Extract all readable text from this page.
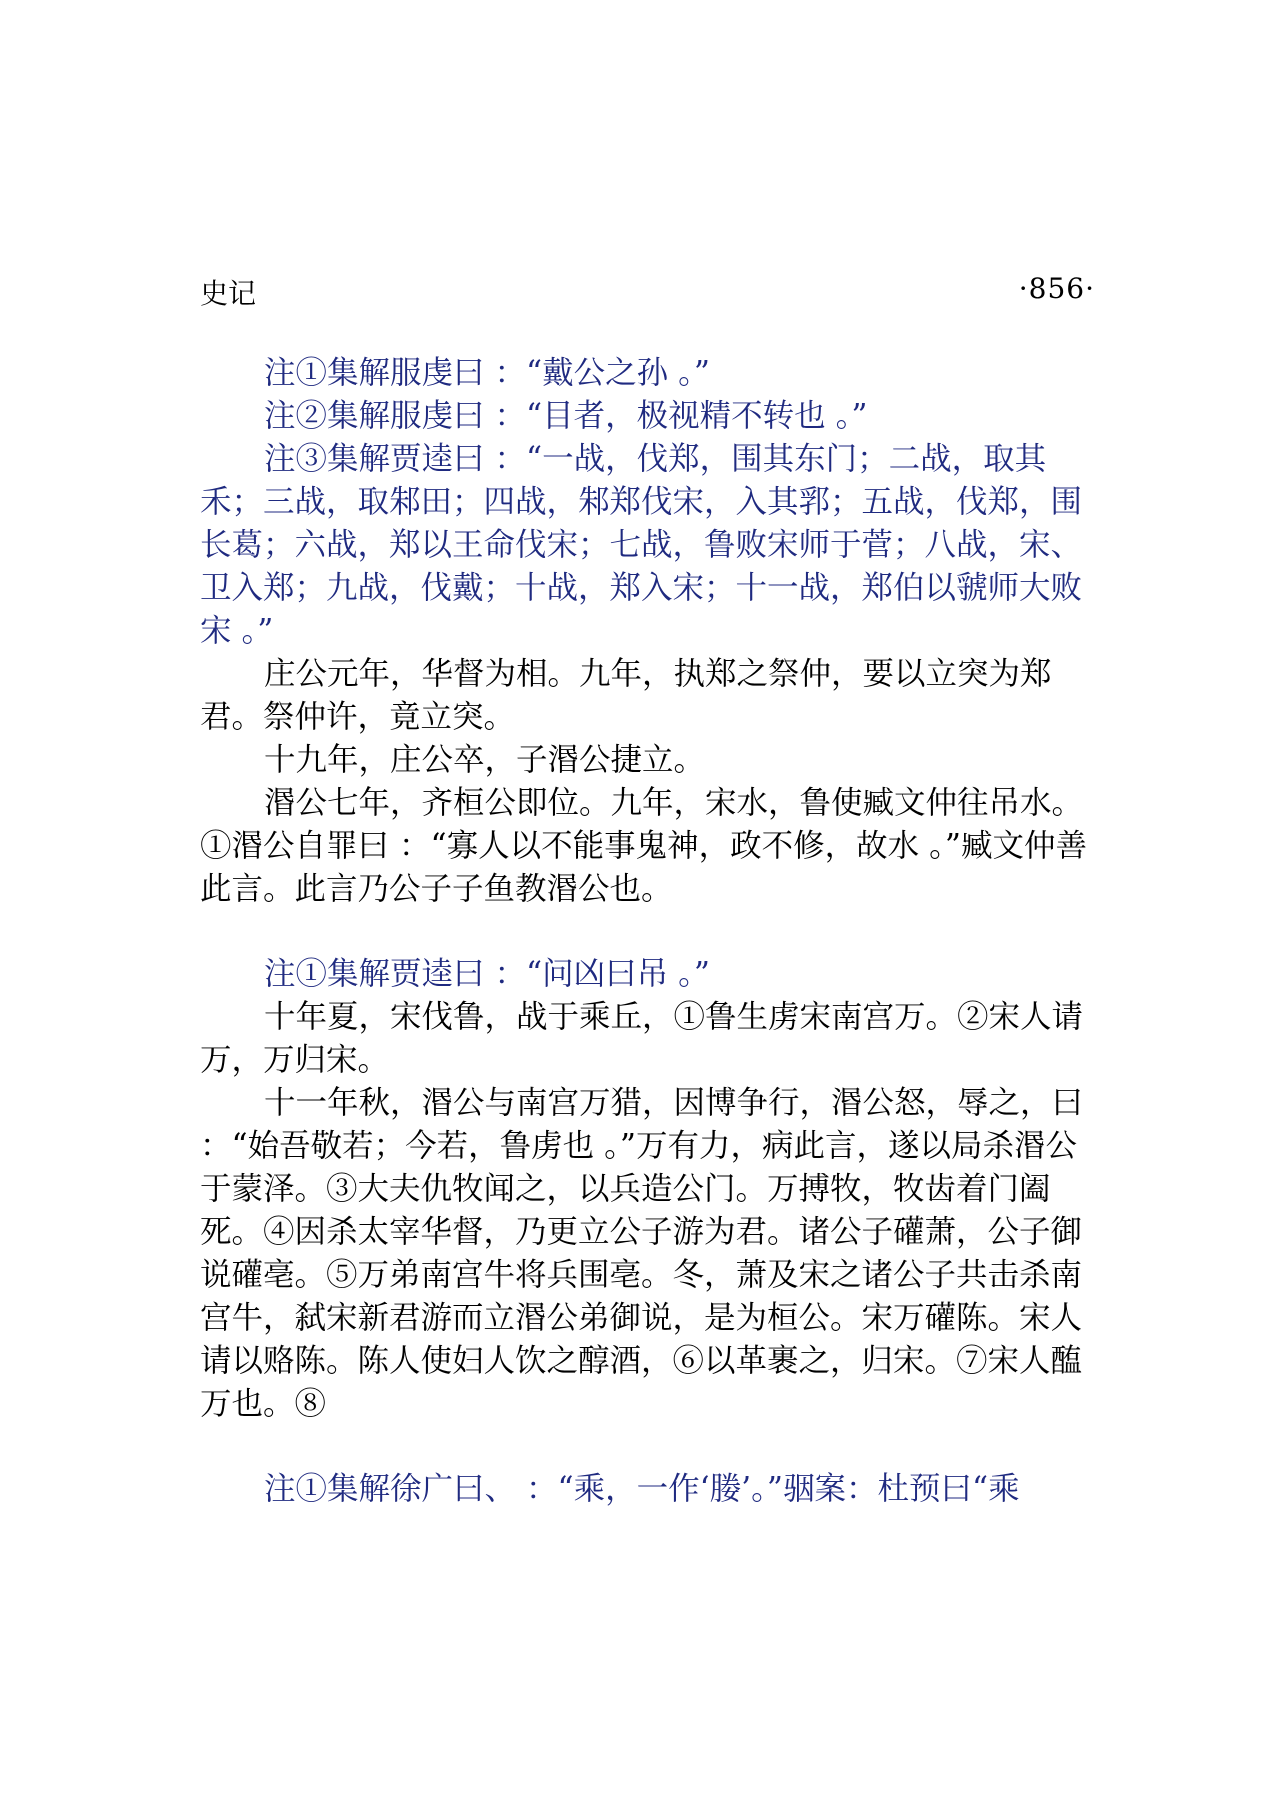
史记	·856·

注①集解服虔曰 ：“戴公之孙 。”

注②集解服虔曰 ：“目者，极视精不转也 。”

注③集解贾逵曰 ：“一战，伐郑，围其东门；二战，取其禾；三战，取邾田；四战，邾郑伐宋，入其郛；五战，伐郑，围长葛；六战，郑以王命伐宋；七战，鲁败宋师于菅；八战，宋、卫入郑；九战，伐戴；十战，郑入宋；十一战，郑伯以虢师大败宋 。”

庄公元年，华督为相。九年，执郑之祭仲，要以立突为郑君。祭仲许，竟立突。

十九年，庄公卒，子湣公捷立。

湣公七年，齐桓公即位。九年，宋水，鲁使臧文仲往吊水。①湣公自罪曰 ：“寡人以不能事鬼神，政不修，故水 。”臧文仲善此言。此言乃公子子鱼教湣公也。

注①集解贾逵曰 ：“问凶曰吊 。”

十年夏，宋伐鲁，战于乘丘，①鲁生虏宋南宫万。②宋人请万，万归宋。

十一年秋，湣公与南宫万猎，因博争行，湣公怒，辱之，曰 ：“始吾敬若；今若，鲁虏也 。”万有力，病此言，遂以局杀湣公于蒙泽。③大夫仇牧闻之，以兵造公门。万搏牧，牧齿着门阖死。④因杀太宰华督，乃更立公子游为君。诸公子礶萧，公子御说礶亳。⑤万弟南宫牛将兵围亳。冬，萧及宋之诸公子共击杀南宫牛，弑宋新君游而立湣公弟御说，是为桓公。宋万礶陈。宋人请以赂陈。陈人使妇人饮之醇酒，⑥以革裹之，归宋。⑦宋人醢万也。⑧

注①集解徐广曰、 ：“乘，一作‘媵’。”骃案：杜预曰“乘
